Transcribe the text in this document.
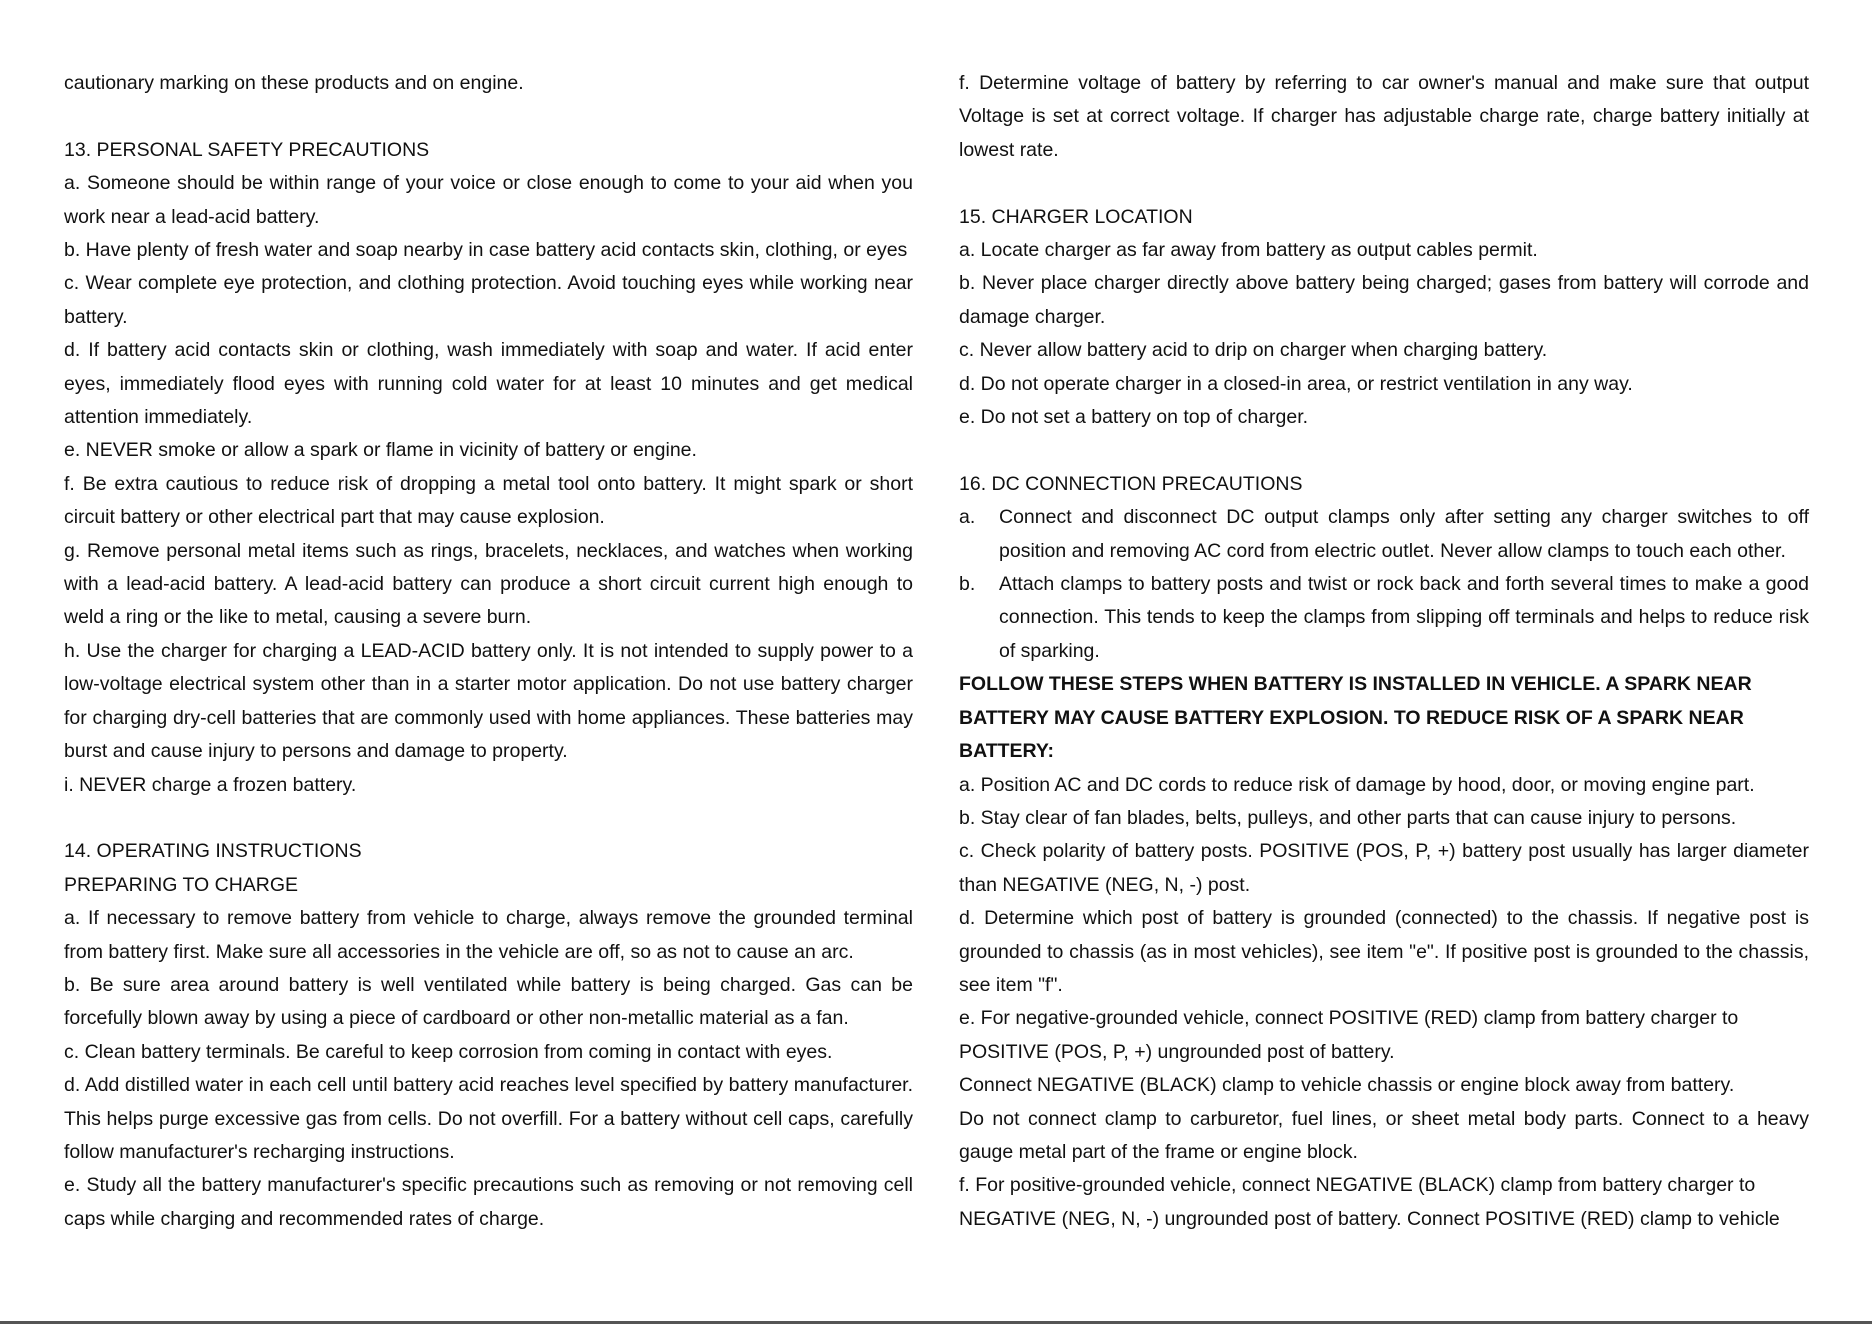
cautionary marking on these products and on engine.

13. PERSONAL SAFETY PRECAUTIONS

a. Someone should be within range of your voice or close enough to come to your aid when you work near a lead-acid battery.

b. Have plenty of fresh water and soap nearby in case battery acid contacts skin, clothing, or eyes

c. Wear complete eye protection, and clothing protection. Avoid touching eyes while working near battery.

d. If battery acid contacts skin or clothing, wash immediately with soap and water. If acid enter eyes, immediately flood eyes with running cold water for at least 10 minutes and get medical attention immediately.

e. NEVER smoke or allow a spark or flame in vicinity of battery or engine.

f. Be extra cautious to reduce risk of dropping a metal tool onto battery. It might spark or short circuit battery or other electrical part that may cause explosion.

g. Remove personal metal items such as rings, bracelets, necklaces, and watches when working with a lead-acid battery. A lead-acid battery can produce a short circuit current high enough to weld a ring or the like to metal, causing a severe burn.

h. Use the charger for charging a LEAD-ACID battery only. It is not intended to supply power to a low-voltage electrical system other than in a starter motor application. Do not use battery charger for charging dry-cell batteries that are commonly used with home appliances. These batteries may burst and cause injury to persons and damage to property.

i. NEVER charge a frozen battery.

14. OPERATING INSTRUCTIONS

PREPARING TO CHARGE

a. If necessary to remove battery from vehicle to charge, always remove the grounded terminal from battery first. Make sure all accessories in the vehicle are off, so as not to cause an arc.

b. Be sure area around battery is well ventilated while battery is being charged. Gas can be forcefully blown away by using a piece of cardboard or other non-metallic material as a fan.

c. Clean battery terminals. Be careful to keep corrosion from coming in contact with eyes.

d. Add distilled water in each cell until battery acid reaches level specified by battery manufacturer. This helps purge excessive gas from cells. Do not overfill. For a battery without cell caps, carefully follow manufacturer's recharging instructions.

e. Study all the battery manufacturer's specific precautions such as removing or not removing cell caps while charging and recommended rates of charge.

f. Determine voltage of battery by referring to car owner's manual and make sure that output Voltage is set at correct voltage. If charger has adjustable charge rate, charge battery initially at lowest rate.

15. CHARGER LOCATION

a. Locate charger as far away from battery as output cables permit.

b. Never place charger directly above battery being charged; gases from battery will corrode and damage charger.

c. Never allow battery acid to drip on charger when charging battery.

d. Do not operate charger in a closed-in area, or restrict ventilation in any way.

e. Do not set a battery on top of charger.

16. DC CONNECTION PRECAUTIONS

a.	Connect and disconnect DC output clamps only after setting any charger switches to off position and removing AC cord from electric outlet. Never allow clamps to touch each other.
b.	Attach clamps to battery posts and twist or rock back and forth several times to make a good connection. This tends to keep the clamps from slipping off terminals and helps to reduce risk of sparking.

FOLLOW THESE STEPS WHEN BATTERY IS INSTALLED IN VEHICLE. A SPARK NEAR BATTERY MAY CAUSE BATTERY EXPLOSION. TO REDUCE RISK OF A SPARK NEAR BATTERY:

a. Position AC and DC cords to reduce risk of damage by hood, door, or moving engine part.

b. Stay clear of fan blades, belts, pulleys, and other parts that can cause injury to persons.

c. Check polarity of battery posts. POSITIVE (POS, P, +) battery post usually has larger diameter than NEGATIVE (NEG, N, -) post.

d. Determine which post of battery is grounded (connected) to the chassis. If negative post is grounded to chassis (as in most vehicles), see item "e". If positive post is grounded to the chassis, see item "f".

e. For negative-grounded vehicle, connect POSITIVE (RED) clamp from battery charger to

POSITIVE (POS, P, +) ungrounded post of battery.

Connect NEGATIVE (BLACK) clamp to vehicle chassis or engine block away from battery.

Do not connect clamp to carburetor, fuel lines, or sheet metal body parts. Connect to a heavy gauge metal part of the frame or engine block.

f. For positive-grounded vehicle, connect NEGATIVE (BLACK) clamp from battery charger to

NEGATIVE (NEG, N, -) ungrounded post of battery. Connect POSITIVE (RED) clamp to vehicle
